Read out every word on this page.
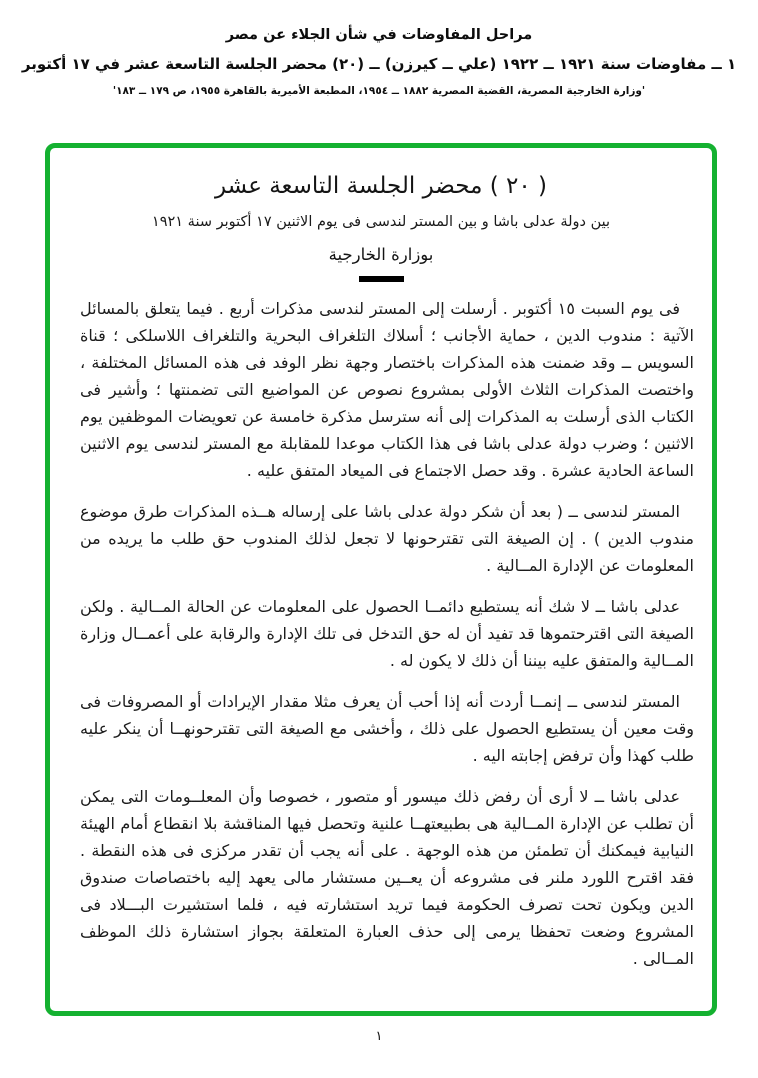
مراحل المفاوضات في شأن الجلاء عن مصر
١ ــ مفاوضات سنة ١٩٢١ ــ ١٩٢٢ (علي ــ كيرزن) ــ (٢٠) محضر الجلسة التاسعة عشر في ١٧ أكتوبر
'وزارة الخارجية المصرية، القضية المصرية ١٨٨٢ ــ ١٩٥٤، المطبعة الأميرية بالقاهرة ١٩٥٥، ص ١٧٩ ــ ١٨٣'
( ٢٠ ) محضر الجلسة التاسعة عشر
بين دولة عدلى باشا و بين المستر لندسى فى يوم الاثنين ١٧ أكتوبر سنة ١٩٢١
بوزارة الخارجية

فى يوم السبت ١٥ أكتوبر . أرسلت إلى المستر لندسى مذكرات أربع . فيما يتعلق بالمسائل الآتية : مندوب الدين ، حماية الأجانب ؛ أسلاك التلغراف البحرية والتلغراف اللاسلكى ؛ قناة السويس ــ وقد ضمنت هذه المذكرات باختصار وجهة نظر الوفد فى هذه المسائل المختلفة ، واختصت المذكرات الثلاث الأولى بمشروع نصوص عن المواضيع التى تضمنتها ؛ وأشير فى الكتاب الذى أرسلت به المذكرات إلى أنه سترسل مذكرة خامسة عن تعويضات الموظفين يوم الاثنين ؛ وضرب دولة عدلى باشا فى هذا الكتاب موعدا للمقابلة مع المستر لندسى يوم الاثنين الساعة الحادية عشرة . وقد حصل الاجتماع فى الميعاد المتفق عليه .

المستر لندسى ــ ( بعد أن شكر دولة عدلى باشا على إرساله هــذه المذكرات طرق موضوع مندوب الدين ) . إن الصيغة التى تقترحونها لا تجعل لذلك المندوب حق طلب ما يريده من المعلومات عن الإدارة المــالية .

عدلى باشا ــ لا شك أنه يستطيع دائمــا الحصول على المعلومات عن الحالة المــالية . ولكن الصيغة التى اقترحتموها قد تفيد أن له حق التدخل فى تلك الإدارة والرقابة على أعمــال وزارة المــالية والمتفق عليه بيننا أن ذلك لا يكون له .

المستر لندسى ــ إنمــا أردت أنه إذا أحب أن يعرف مثلا مقدار الإيرادات أو المصروفات فى وقت معين أن يستطيع الحصول على ذلك ، وأخشى مع الصيغة التى تقترحونهــا أن ينكر عليه طلب كهذا وأن ترفض إجابته اليه .

عدلى باشا ــ لا أرى أن رفض ذلك ميسور أو متصور ، خصوصا وأن المعلــومات التى يمكن أن تطلب عن الإدارة المــالية هى بطبيعتهــا علنية وتحصل فيها المناقشة بلا انقطاع أمام الهيئة النيابية فيمكنك أن تطمئن من هذه الوجهة . على أنه يجب أن تقدر مركزى فى هذه النقطة . فقد اقترح اللورد ملنر فى مشروعه أن يعــين مستشار مالى يعهد إليه باختصاصات صندوق الدين ويكون تحت تصرف الحكومة فيما تريد استشارته فيه ، فلما استشيرت البـــلاد فى المشروع وضعت تحفظا يرمى إلى حذف العبارة المتعلقة بجواز استشارة ذلك الموظف المــالى .

١
